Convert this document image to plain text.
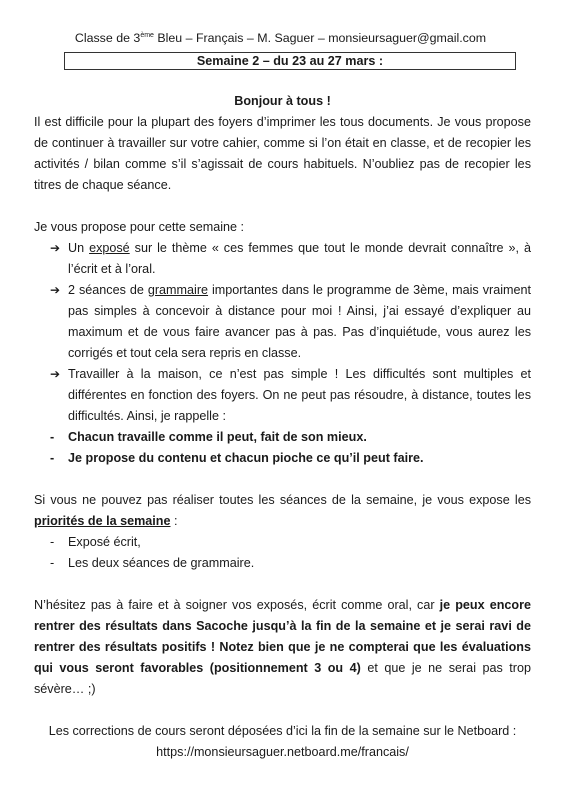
Classe de 3ème Bleu – Français – M. Saguer – monsieursaguer@gmail.com
Semaine 2 – du 23 au 27 mars :
Bonjour à tous !

Il est difficile pour la plupart des foyers d’imprimer les tous documents. Je vous propose de continuer à travailler sur votre cahier, comme si l’on était en classe, et de recopier les activités / bilan comme s’il s’agissait de cours habituels. N’oubliez pas de recopier les titres de chaque séance.

Je vous propose pour cette semaine :

➔ Un exposé sur le thème « ces femmes que tout le monde devrait connaître », à l’écrit et à l’oral.
➔ 2 séances de grammaire importantes dans le programme de 3ème, mais vraiment pas simples à concevoir à distance pour moi ! Ainsi, j’ai essayé d’expliquer au maximum et de vous faire avancer pas à pas. Pas d’inquiétude, vous aurez les corrigés et tout cela sera repris en classe.
➔ Travailler à la maison, ce n’est pas simple ! Les difficultés sont multiples et différentes en fonction des foyers. On ne peut pas résoudre, à distance, toutes les difficultés. Ainsi, je rappelle :
- Chacun travaille comme il peut, fait de son mieux.
- Je propose du contenu et chacun pioche ce qu’il peut faire.

Si vous ne pouvez pas réaliser toutes les séances de la semaine, je vous expose les priorités de la semaine :

- Exposé écrit,
- Les deux séances de grammaire.

N’hésitez pas à faire et à soigner vos exposés, écrit comme oral, car je peux encore rentrer des résultats dans Sacoche jusqu’à la fin de la semaine et je serai ravi de rentrer des résultats positifs ! Notez bien que je ne compterai que les évaluations qui vous seront favorables (positionnement 3 ou 4) et que je ne serai pas trop sévère… ;)

Les corrections de cours seront déposées d’ici la fin de la semaine sur le Netboard :

https://monsieursaguer.netboard.me/francais/
